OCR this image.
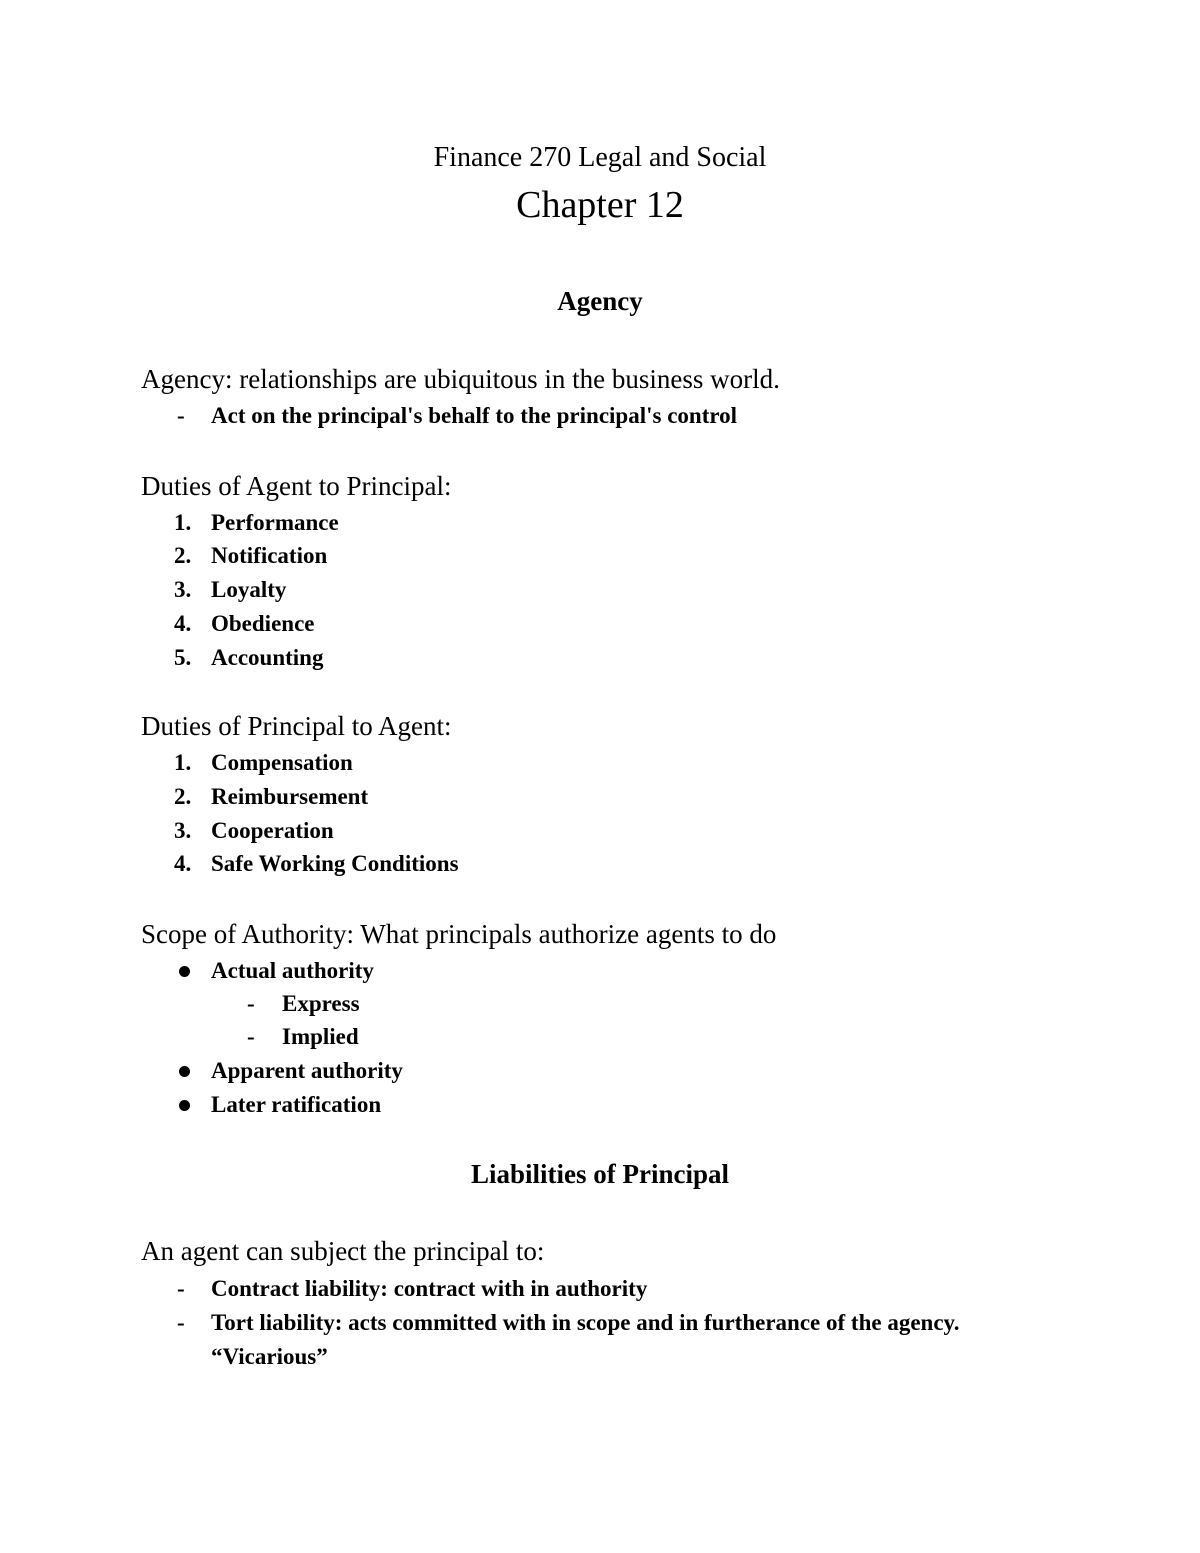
Finance 270 Legal and Social
Chapter 12
Agency
Agency: relationships are ubiquitous in the business world.
- Act on the principal's behalf to the principal's control
Duties of Agent to Principal:
1. Performance
2. Notification
3. Loyalty
4. Obedience
5. Accounting
Duties of Principal to Agent:
1. Compensation
2. Reimbursement
3. Cooperation
4. Safe Working Conditions
Scope of Authority: What principals authorize agents to do
Actual authority
- Express
- Implied
Apparent authority
Later ratification
Liabilities of Principal
An agent can subject the principal to:
- Contract liability: contract with in authority
- Tort liability: acts committed with in scope and in furtherance of the agency.
“Vicarious”
